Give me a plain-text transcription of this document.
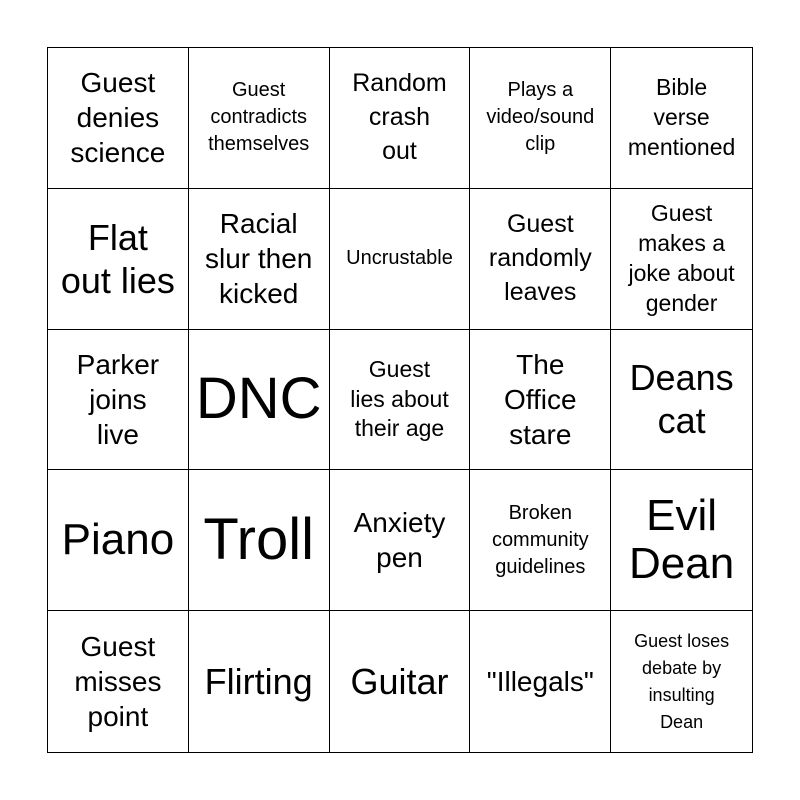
Guest
denies
science
Guest
contradicts
themselves
Random
crash
out
Plays a
video/sound
clip
Bible
verse
mentioned
Flat
out lies
Racial
slur then
kicked
Uncrustable
Guest
randomly
leaves
Guest
makes a
joke about
gender
Parker
joins
live
DNC	Guest
lies about
their age
The
Office
stare
Deans
cat
Piano Troll Anxiety
pen
Broken
community
guidelines
Evil
Dean
Guest
misses
point
Flirting Guitar "Illegals"
Guest loses
debate by
insulting
Dean
